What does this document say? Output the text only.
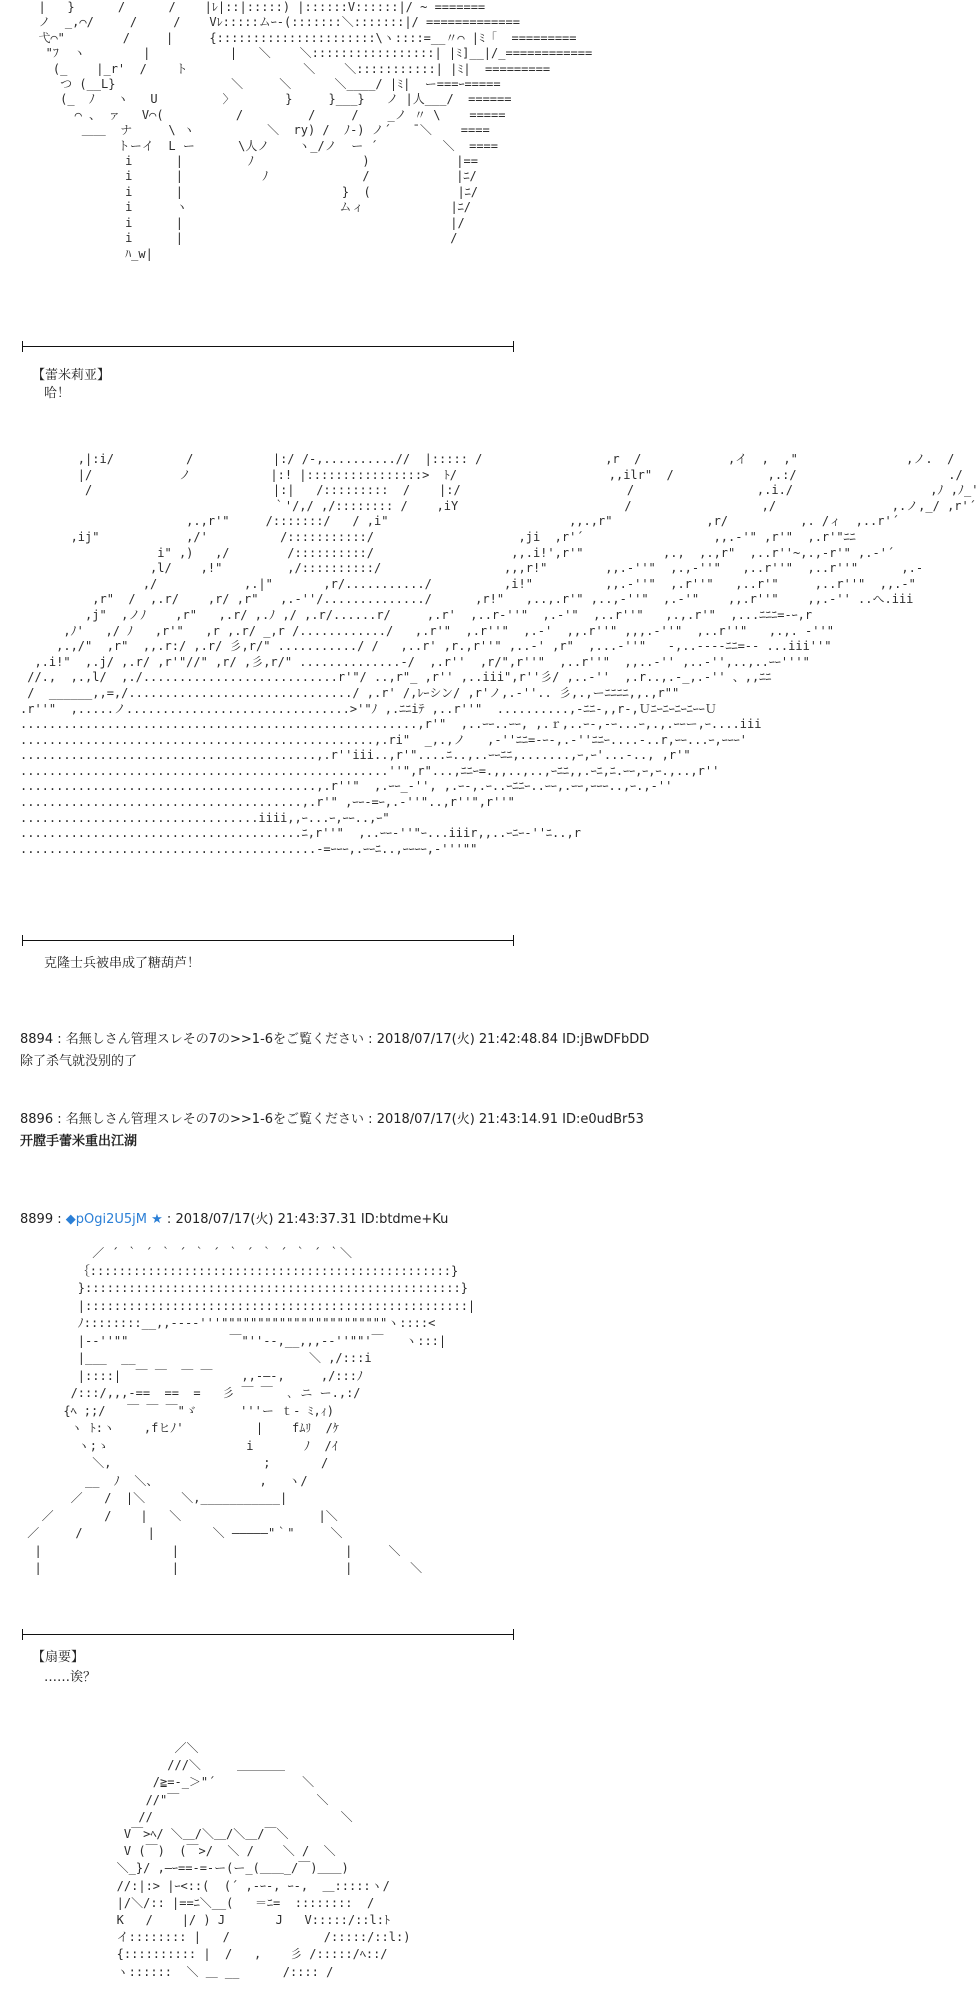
|   }      /      /    |ﾚ|::|:::::) |::::::V::::::|/ ~ =======
ノ  _,⌒/     /     /    Vﾚ:::::ムｰ‐(:::::::＼:::::::|/ =============
弋⌒"        /     |     {::::::::::::::::::::::\ヽ::::=__〃⌒ |ﾐ「  =========
"ﾌ  ヽ        |           |   ＼    ＼:::::::::::::::::| |ﾐ]__|/_============
(_    |_r'  /    ト                ＼    ＼:::::::::::| |ﾐ|  =========
つ (__L}                ＼     ＼      ＼____/ |ﾐ|  ー===ｰ=====
(_  ﾉ   ヽ   U         〉       }     }___}   ノ |人___/  ======
⌒ 、 ァ   V⌒(          /         /     /    _ノ 〃 \    =====
＿＿  ナ     \ ヽ          ＼  ry) /  ﾉ-) ノ´   ̄ ＼    ====
トーイ  L ー      \人ノ    ヽ_/ノ  ー ´         ＼  ====
i      |         ﾉ               )            |==
i      |           ﾉ             /            |ﾆ/
i      |                      }  (            |ﾆ/
i      ヽ                     ムィ            |ﾆ/
i      |                                     |/
i      |                                     /
ﾊ_w|

【蕾米莉亚】

哈！

,|:i/          /           |:/ /-,..........//  |::::: /                 ,r  /            ,イ  ,  ,"               ,ノ.  /
|/            ノ           |:! |::::::::::::::::>  ﾄ/                     ,,ilr"  /             ,.:/                     ./
/                         |:|   /:::::::::  /    |:/                       /                 ,.i./                   ,ﾉ ,ﾉ_'
｀'/,/ ,/:::::::: /    ,iY                       /                  ,/                ,.ノ,_/ ,r'´
,.,r'"     /:::::::/   / ,i"                         ,,.,r"             ,r/          ,. /ィ  ,..r'´
,ij"            ,/'          /:::::::::::/                    ,ji  ,r'´                  ,,.-'" ,r'"  ,.r'"ﾆﾆ
i" ,)   ,/        /::::::::::/                   ,,.i!',r'"           ,.,  ,.,r"  ,..r''~,.,-r'" ,.-'´
,l/    ,!"         ,/::::::::::/                 ,,,r!"        ,,.-''"  ,.,-''"   ,..r''"  ,..r''"      ,.-
,/            ,.|"       ,r/.........../          ,i!"          ,,.-''"  ,.r''"   ,..r'"     ,..r''"  ,,.-"
,r"  /  ,.r/    ,r/ ,r"   ,.-''/............../      ,r!"   ,..,.r'" ,..,-''"  ,.-'"    ,,.r''"    ,,.-'' ..へ.iii
,j"  ,ノﾉ    ,r"   ,.r/ ,.ﾉ ,/ ,.r/......r/     ,.r'  ,..r-''"  ,.-'"  ,..r''"   ,.,.r'"  ,...ﾆﾆﾆ=-ｰ,r
,ﾉ'   ,/ ﾉ   ,r'"   ,r ,.r/ _,r /............/   ,.r'"  ,.r''"  ,.-'  ,,.r''" ,,,.-''"  ,..r''"   ,.,. -''"
,.,/"  ,r"  ,,.r:/ ,.r/ 彡,r/" .........../ /   ,..r' ,r.,r''" ,..-' ,r"  ,...-''"   -,..---‐ﾆﾆ=‐- ...iii''"
,.i!"  ,.j/ ,.r/ ,r'"//" ,r/ ,彡,r/" ..............-/  ,.r''  ,r/",r''"  ,..r''"  ,,..-'' ,..-'',..,..ｰｰ'''"
//.,  ,.,l/  ,./...........................r'"/ ..,r"_ ,r'' ,..iii",r''彡/ ,..-''  ,.r..,.-_,.-'' 、,,ﾆﾆ
/  ______,,=,/.............................../ ,.r' /,ﾚｰシン/ ,r'ノ,.-''.. 彡,.,ーﾆﾆﾆﾆ,,.,r""
.r''"  ,.....ノ...............................>'"ﾉ ,.ﾆﾆiﾃ ,..r''"  ..........,-ﾆﾆ-,,r-,ＵﾆｰﾆｰﾆｰﾆｰｰＵ
.......................................................,r'"  ,..ｰｰ..ｰｰ, ,.ｒ,..ｰ-,-ｰ...ｰ,.,.ｰｰー,ｰ....iii
.................................................,.ri"  _,.,ノ   ,-''ﾆﾆ=-ｰ-,.-''ﾆﾆｰ....-..r,ｰｰ...ｰ,ｰｰｰ'
.........................................,.r''iii..,r'"....ﾆ..,..ｰｰﾆﾆ,.......,ｰ,ｰ'...-.., ,r'"
...................................................''",r"...,ﾆﾆｰ=.,,..,..,ｰﾆﾆ,,.ｰﾆ,ﾆ.ｰｰ,ｰ,ｰ.,..,r''
.........................................,.r''"  ,.ｰｰ_-'', ,.ｰ-,.ｰ..ｰﾆﾆｰ..ｰｰ,.ｰｰ,ｰｰｰ..,ｰ.,-''
.......................................,.r'" ,ｰｰ-=ｰ,.-''"..,r''",r''"
.................................iiii,,ｰ...ｰ,ｰｰ..,ｰ"
.......................................ﾆ,r''"  ,..ｰｰ-''"ｰ...iiir,,..ｰﾆｰ-''ﾆ..,r
.........................................-=ｰｰｰ,.ｰｰﾆ..,ｰｰｰｰ,-'''""

克隆士兵被串成了糖葫芦！

8894 : 名無しさん管理スレその7の>>1-6をご覧ください : 2018/07/17(火) 21:42:48.84 ID:jBwDFbDD

除了杀气就没别的了

8896 : 名無しさん管理スレその7の>>1-6をご覧ください : 2018/07/17(火) 21:43:14.91 ID:e0udBr53

开膛手蕾米重出江湖

8899 : ◆pOgi2U5jM ★ : 2018/07/17(火) 21:43:37.31 ID:btdme+Ku

／ ´ ｀ ´ ｀ ´ ｀ ´ ｀ ´ ｀ ´ ｀ ´ ｀＼
｛::::::::::::::::::::::::::::::::::::::::::::::::::}
}::::::::::::::::::::::::::::::::::::::::::::::::::::}
|:::::::::::::::::::::::::::::::::::::::::::::::::::::|
ﾉ::::::::__,,--‐‐'''"""""""""""""""""""""""ヽ::::<
|--''""              ￣"''‐-,__,,,--''""'￣   ヽ:::|
|___  __                        ＼ ,/:::i
|::::|  ￣ ￣  ￣ ￣    ,,-―-,     ,/:::ﾉ
/:::/,,,-==  ==  =   彡 ￣ ￣  ､ ニ ー.,:/
{ﾍ ;;/   ￣ ￣ ￣"ゞ      '''ー ｔ- ﾐ,ｨ)
ヽ ﾄ:ヽ    ,fヒﾉ'          |    fﾑﾘ  /ｹ
ヽ;ゝ                   i       ﾉ  /ｲ
＼,                     ;       /
__  ﾉ  ＼、              ,   ヽ/
／   /  |＼     ＼,___________|
／       /    |   ＼                   |＼
／     /         |        ＼ ―――――"｀"     ＼
|                  |                       |     ＼
|                  |                       |        ＼

【扇要】

……诶？

／＼
///＼     ＿＿＿＿
/≧=-_＞"´            ＼
//"￣                   ＼
//                          ＼
V￣>ﾍ/ ＼＿/＼＿/＼＿/￣＼
V (￣)  (￣>/  ＼ /    ＼ /  ＼
＼_}/ ,―ｰ==-=-ー(ー_(＿＿_/￣)＿＿)
//:|:> |ｰ<::(  (´ ,-ｰ-, ｰ-,  ＿:::::ヽ/
|/＼/:: |==ﾆ＼__(   ＝ﾆ=  ::::::::  /
K   /    |/ ) J       J   V:::::/::l:ﾄ
イ:::::::: |   /             /:::::/::l:)
{:::::::::: |  /   ,    彡 /:::::/ﾍ::/
ヽ::::::  ＼ ＿ __      /:::: /
